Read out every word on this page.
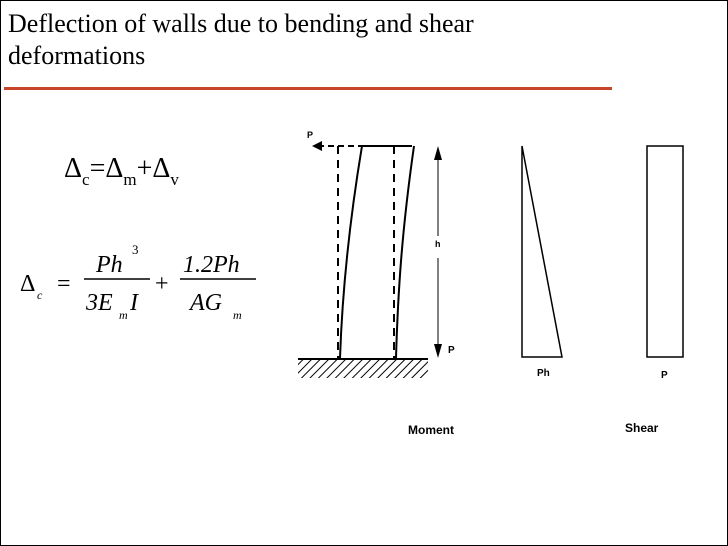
Deflection of walls due to bending and shear deformations
$\Delta_c=\Delta_m+\Delta_v$
Δ c =
Ph
3
3E m I
+
1.2Ph
AG m
P
h
P
Ph	P
Moment	Shear
